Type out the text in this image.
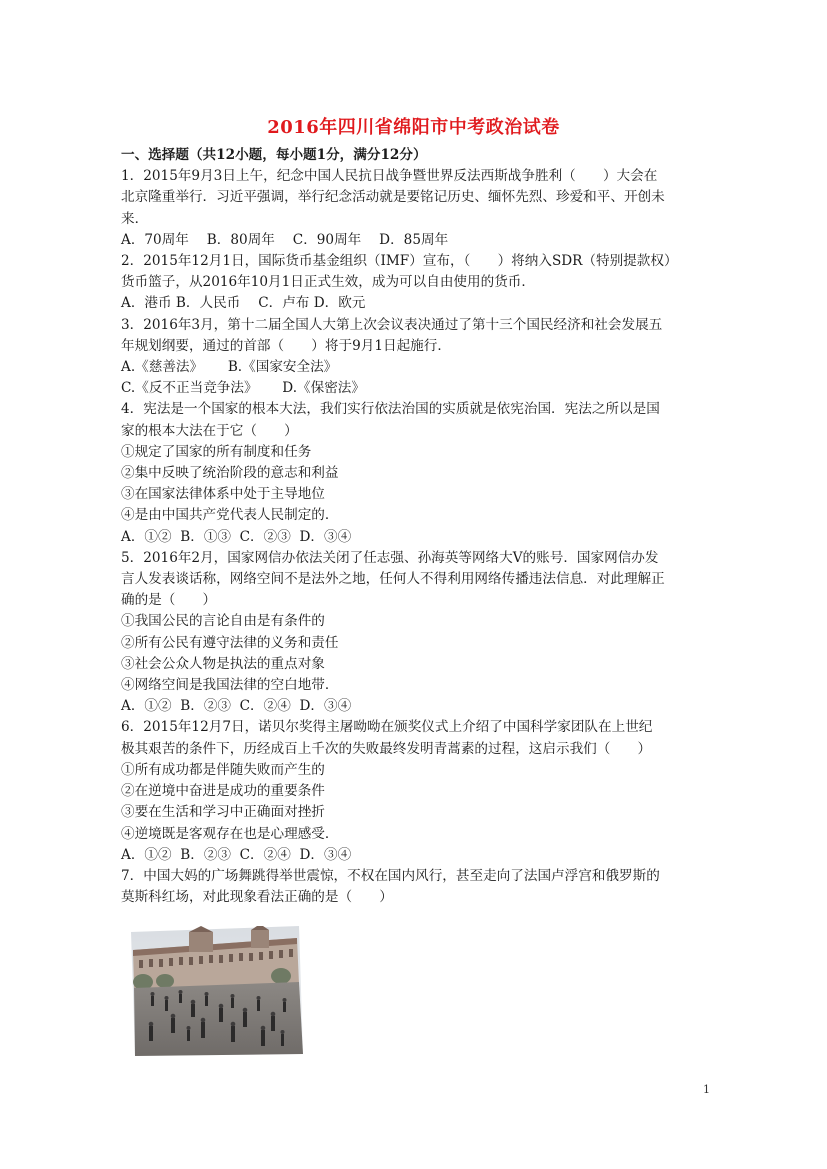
2016年四川省绵阳市中考政治试卷
一、选择题（共12小题，每小题1分，满分12分）
1．2015年9月3日上午，纪念中国人民抗日战争暨世界反法西斯战争胜利（　　）大会在
北京隆重举行．习近平强调，举行纪念活动就是要铭记历史、缅怀先烈、珍爱和平、开创未
来．
A．70周年　 B．80周年　 C．90周年　 D．85周年
2．2015年12月1日，国际货币基金组织（IMF）宣布，（　　）将纳入SDR（特别提款权）
货币篮子，从2016年10月1日正式生效，成为可以自由使用的货币．
A．港币 B．人民币　 C．卢布 D．欧元
3．2016年3月，第十二届全国人大第上次会议表决通过了第十三个国民经济和社会发展五
年规划纲要，通过的首部（　　）将于9月1日起施行．
A.《慈善法》　　 B.《国家安全法》
C.《反不正当竞争法》　　 D.《保密法》
4．宪法是一个国家的根本大法，我们实行依法治国的实质就是依宪治国．宪法之所以是国
家的根本大法在于它（　　）
①规定了国家的所有制度和任务
②集中反映了统治阶段的意志和利益
③在国家法律体系中处于主导地位
④是由中国共产党代表人民制定的．
A．①②  B．①③  C．②③  D．③④
5．2016年2月，国家网信办依法关闭了任志强、孙海英等网络大V的账号．国家网信办发
言人发表谈话称，网络空间不是法外之地，任何人不得利用网络传播违法信息．对此理解正
确的是（　　）
①我国公民的言论自由是有条件的
②所有公民有遵守法律的义务和责任
③社会公众人物是执法的重点对象
④网络空间是我国法律的空白地带．
A．①②  B．②③  C．②④  D．③④
6．2015年12月7日，诺贝尔奖得主屠呦呦在颁奖仪式上介绍了中国科学家团队在上世纪
极其艰苦的条件下，历经成百上千次的失败最终发明青蒿素的过程，这启示我们（　　）
①所有成功都是伴随失败而产生的
②在逆境中奋进是成功的重要条件
③要在生活和学习中正确面对挫折
④逆境既是客观存在也是心理感受．
A．①②  B．②③  C．②④  D．③④
7．中国大妈的广场舞跳得举世震惊，不权在国内风行，甚至走向了法国卢浮宫和俄罗斯的
莫斯科红场，对此现象看法正确的是（　　）
1
